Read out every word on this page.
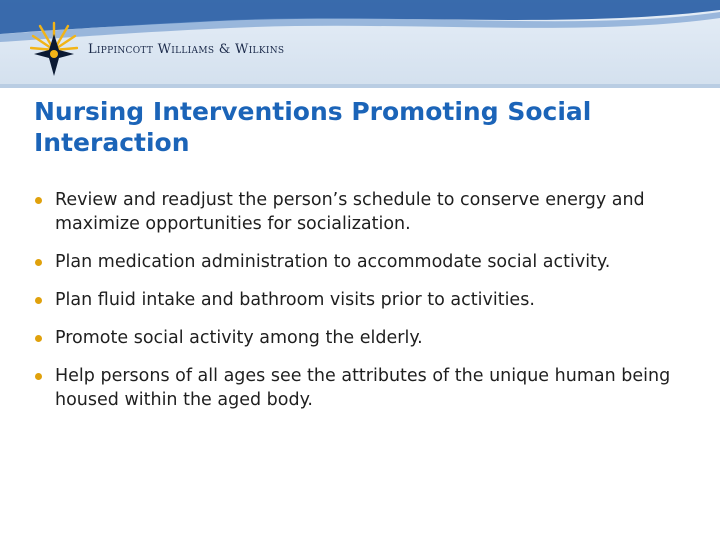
Lippincott Williams & Wilkins
Nursing Interventions Promoting Social Interaction
Review and readjust the person’s schedule to conserve energy and maximize opportunities for socialization.
Plan medication administration to accommodate social activity.
Plan fluid intake and bathroom visits prior to activities.
Promote social activity among the elderly.
Help persons of all ages see the attributes of the unique human being housed within the aged body.
